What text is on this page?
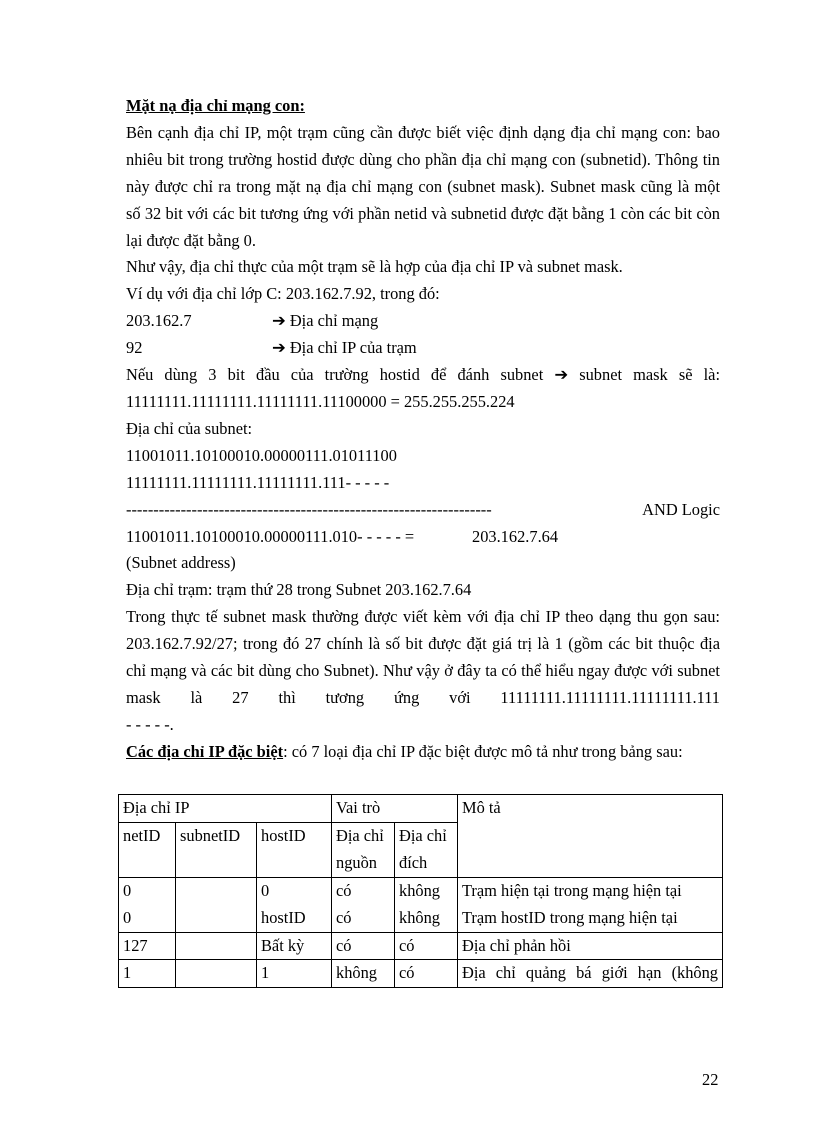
Mặt nạ địa chỉ mạng con:

Bên cạnh địa chỉ IP, một trạm cũng cần được biết việc định dạng địa chỉ mạng con: bao nhiêu bit trong trường hostid được dùng cho phần địa chỉ mạng con (subnetid). Thông tin này được chỉ ra trong mặt nạ địa chỉ mạng con (subnet mask). Subnet mask cũng là một số 32 bit với các bit tương ứng với phần netid và subnetid được đặt bằng 1 còn các bit còn lại được đặt bằng 0.

Như vậy, địa chỉ thực của một trạm sẽ là hợp của địa chỉ IP và subnet mask.

Ví dụ với địa chỉ lớp C: 203.162.7.92, trong đó:

203.162.7	➔
Địa chỉ mạng
92	➔
Địa chỉ IP của trạm

Nếu dùng 3 bit đầu của trường hostid để đánh subnet ➔ subnet mask sẽ là:

11111111.11111111.11111111.11100000 = 255.255.255.224

Địa chỉ của subnet:

11001011.10100010.00000111.01011100

11111111.11111111.11111111.111- - - - -

-------------------------------------------------------------------	AND Logic
11001011.10100010.00000111.010- - - - - =	203.162.7.64

(Subnet address)

Địa chỉ trạm: trạm thứ 28 trong Subnet 203.162.7.64

Trong thực tế subnet mask thường được viết kèm với địa chỉ IP theo dạng thu gọn sau: 203.162.7.92/27; trong đó 27 chính là số bit được đặt giá trị là 1 (gồm các bit thuộc địa chỉ mạng và các bit dùng cho Subnet). Như vậy ở đây ta có thể hiểu ngay được với subnet mask là 27 thì tương ứng với 11111111.11111111.11111111.111

- - - - -.

Các địa chỉ IP đặc biệt: có 7 loại địa chỉ IP đặc biệt được mô tả như trong bảng sau:

Địa chỉ IP			Vai trò		Mô tả
netID	subnetID	hostID	Địa chỉ nguồn	Địa chỉ đích	
0		0	có	không	Trạm hiện tại trong mạng hiện tại
0		hostID	có	không	Trạm hostID trong mạng hiện tại
127		Bất kỳ	có	có	Địa chỉ phản hồi
1		1	không	có	Địa chỉ quảng bá giới hạn (không
22
